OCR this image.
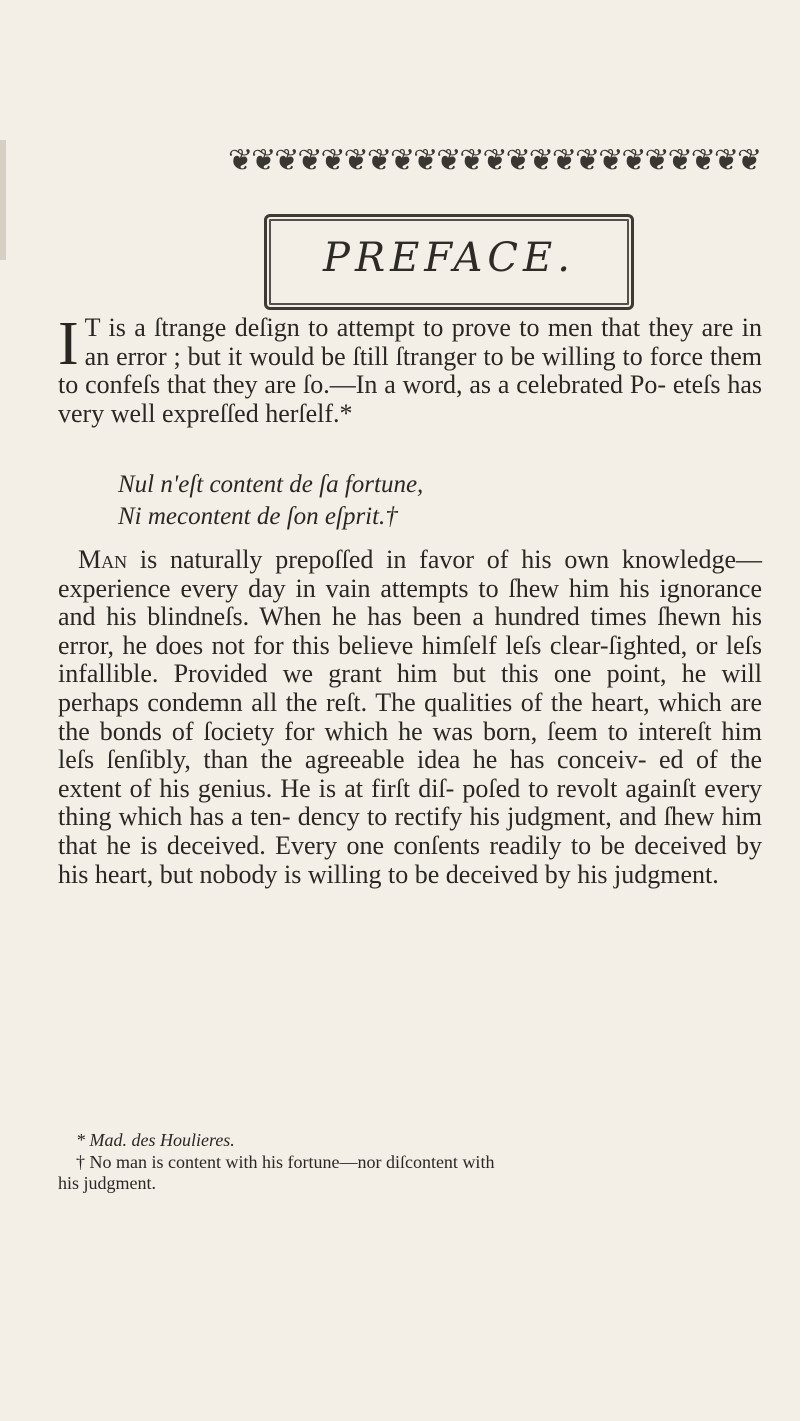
❦❦❦❦❦❦❦❦❦❦❦❦❦❦❦❦❦❦❦❦❦❦❦
PREFACE.
I T is a ſtrange deſign to attempt to prove to men that they are in an error ; but it would be ſtill ſtranger to be willing to force them to confeſs that they are ſo.—In a word, as a celebrated Po- eteſs has very well expreſſed herſelf.*
Nul n'eſt content de ſa fortune,
Ni mecontent de ſon eſprit.†
Man is naturally prepoſſed in favor of his own knowledge—experience every day in vain attempts to ſhew him his ignorance and his blindneſs. When he has been a hundred times ſhewn his error, he does not for this believe himſelf leſs clear-ſighted, or leſs infallible. Provided we grant him but this one point, he will perhaps condemn all the reſt. The qualities of the heart, which are the bonds of ſociety for which he was born, ſeem to intereſt him leſs ſenſibly, than the agreeable idea he has conceiv- ed of the extent of his genius. He is at firſt diſ- poſed to revolt againſt every thing which has a ten- dency to rectify his judgment, and ſhew him that he is deceived. Every one conſents readily to be deceived by his heart, but nobody is willing to be deceived by his judgment.
* Mad. des Houlieres.
† No man is content with his fortune—nor diſcontent with
his judgment.
